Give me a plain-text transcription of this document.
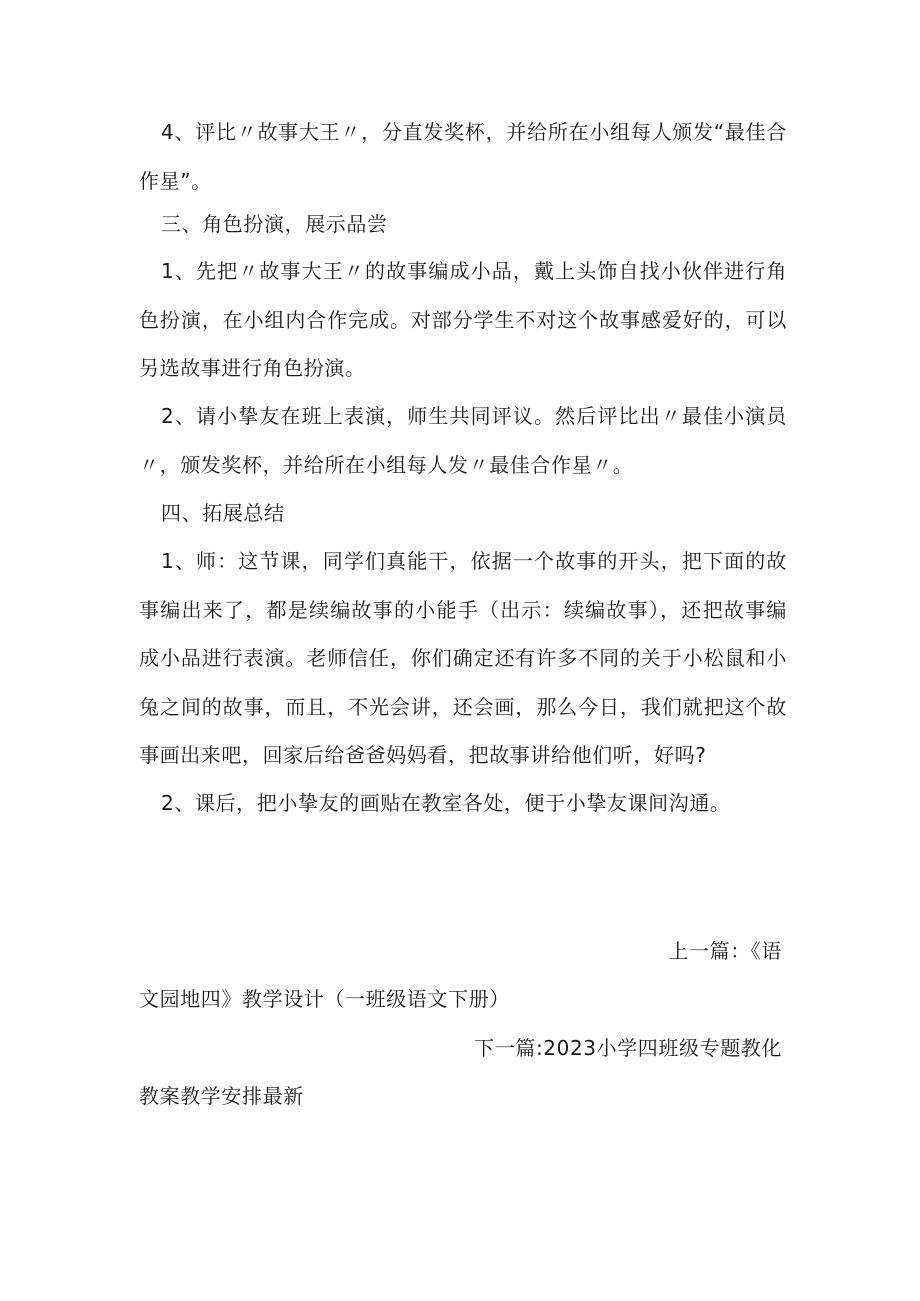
4、评比〃故事大王〃，分直发奖杯，并给所在小组每人颁发“最佳合作星”。

三、角色扮演，展示品尝

1、先把〃故事大王〃的故事编成小品，戴上头饰自找小伙伴进行角色扮演，在小组内合作完成。对部分学生不对这个故事感爱好的，可以另选故事进行角色扮演。

2、请小挚友在班上表演，师生共同评议。然后评比出〃最佳小演员〃，颁发奖杯，并给所在小组每人发〃最佳合作星〃。

四、拓展总结

1、师：这节课，同学们真能干，依据一个故事的开头，把下面的故事编出来了，都是续编故事的小能手（出示：续编故事），还把故事编成小品进行表演。老师信任，你们确定还有许多不同的关于小松鼠和小兔之间的故事，而且，不光会讲，还会画，那么今日，我们就把这个故事画出来吧，回家后给爸爸妈妈看，把故事讲给他们听，好吗?

2、课后，把小挚友的画贴在教室各处，便于小挚友课间沟通。

上一篇：《语

文园地四》教学设计（一班级语文下册）

下一篇:2023小学四班级专题教化

教案教学安排最新
